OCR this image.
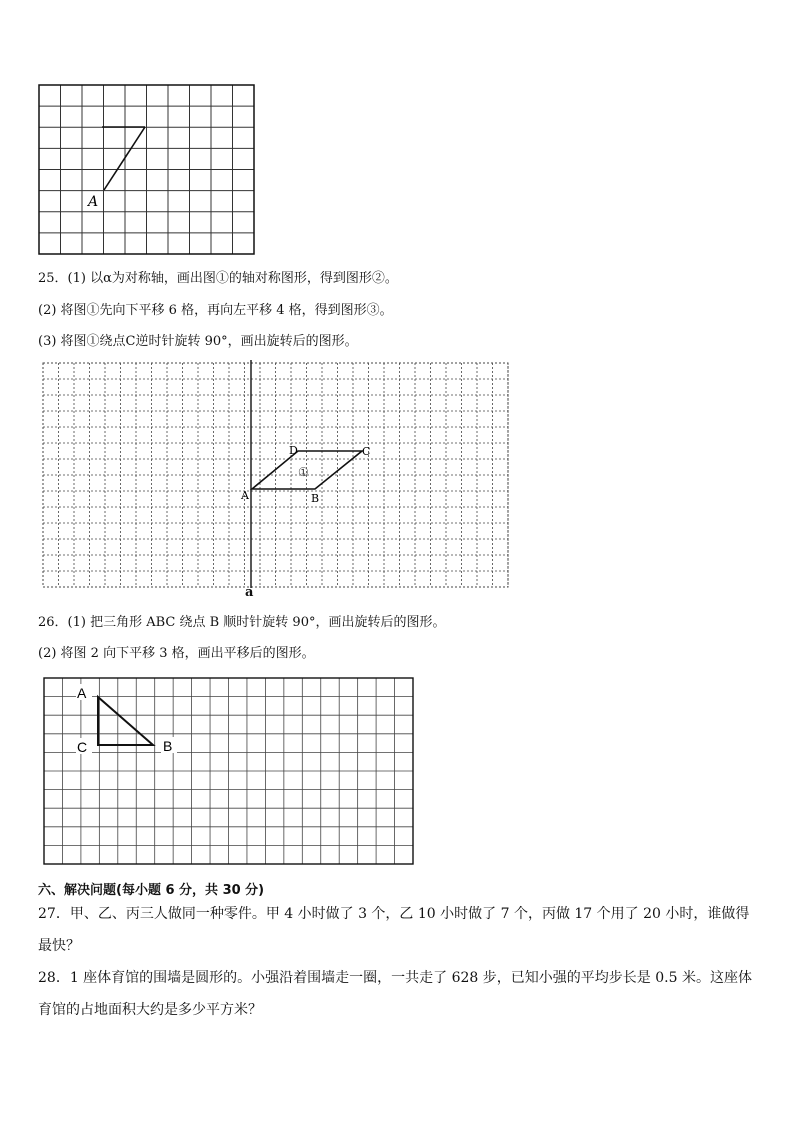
A
25．(1) 以α为对称轴，画出图①的轴对称图形，得到图形②。
(2) 将图①先向下平移 6 格，再向左平移 4 格，得到图形③。
(3) 将图①绕点C逆时针旋转 90°，画出旋转后的图形。
D	C
A	B
①
a
26．(1) 把三角形 ABC 绕点 B 顺时针旋转 90°，画出旋转后的图形。
(2) 将图 2 向下平移 3 格，画出平移后的图形。
A
C	B
六、解决问题(每小题 6 分，共 30 分)
27．甲、乙、丙三人做同一种零件。甲 4 小时做了 3 个，乙 10 小时做了 7 个，丙做 17 个用了 20 小时，谁做得最快？
28．1 座体育馆的围墙是圆形的。小强沿着围墙走一圈，一共走了 628 步，已知小强的平均步长是 0.5 米。这座体育馆的占地面积大约是多少平方米？
